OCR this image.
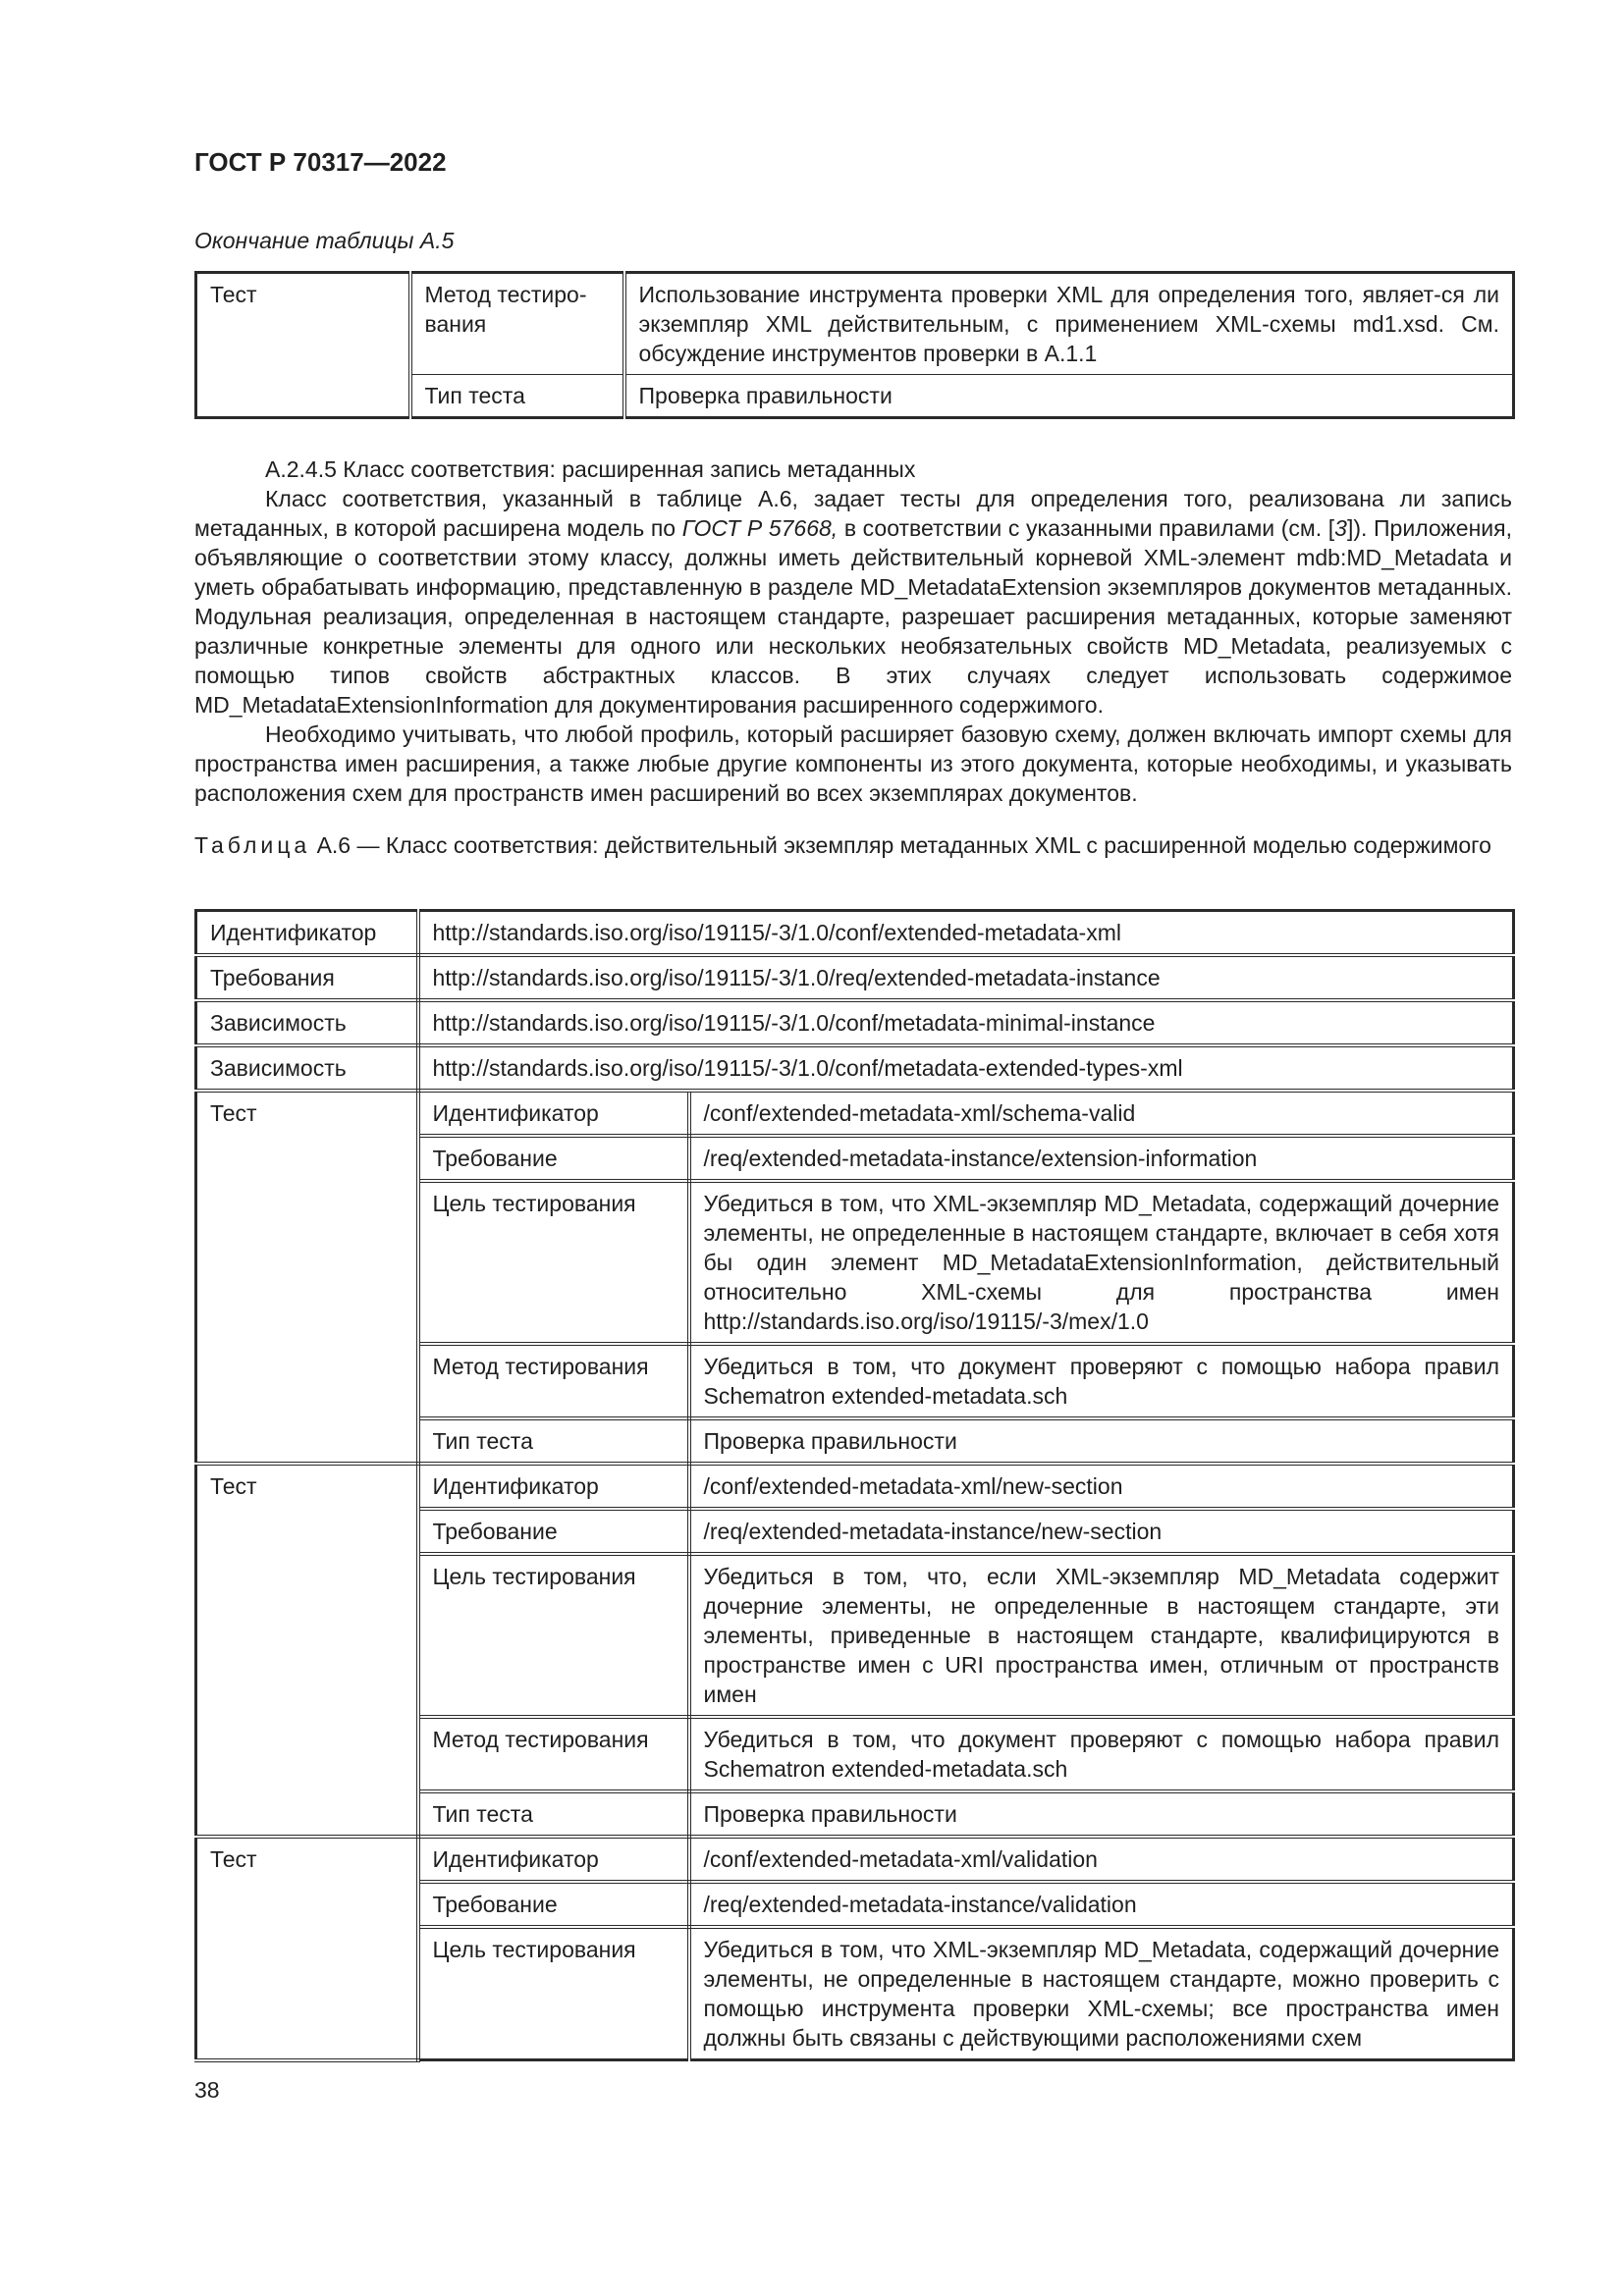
ГОСТ Р 70317—2022
Окончание таблицы А.5
Тест	Метод тестиро-вания	Использование инструмента проверки XML для определения того, являет-ся ли экземпляр XML действительным, с применением XML-схемы md1.xsd. См. обсуждение инструментов проверки в А.1.1
	Тип теста	Проверка правильности

А.2.4.5 Класс соответствия: расширенная запись метаданных

Класс соответствия, указанный в таблице А.6, задает тесты для определения того, реализована ли запись метаданных, в которой расширена модель по ГОСТ Р 57668, в соответствии с указанными правилами (см. [3]). Приложения, объявляющие о соответствии этому классу, должны иметь действительный корневой XML-элемент mdb:MD_Metadata и уметь обрабатывать информацию, представленную в разделе MD_MetadataExtension экземпляров документов метаданных. Модульная реализация, определенная в настоящем стандарте, разрешает расширения метаданных, которые заменяют различные конкретные элементы для одного или нескольких необязательных свойств MD_Metadata, реализуемых с помощью типов свойств абстрактных классов. В этих случаях следует использовать содержимое MD_MetadataExtensionInformation для документирования расширенного содержимого.

Необходимо учитывать, что любой профиль, который расширяет базовую схему, должен включать импорт схемы для пространства имен расширения, а также любые другие компоненты из этого документа, которые необходимы, и указывать расположения схем для пространств имен расширений во всех экземплярах документов.

Таблица А.6 — Класс соответствия: действительный экземпляр метаданных XML с расширенной моделью содержимого
Идентификатор	http://standards.iso.org/iso/19115/-3/1.0/conf/extended-metadata-xml	
Требования	http://standards.iso.org/iso/19115/-3/1.0/req/extended-metadata-instance	
Зависимость	http://standards.iso.org/iso/19115/-3/1.0/conf/metadata-minimal-instance	
Зависимость	http://standards.iso.org/iso/19115/-3/1.0/conf/metadata-extended-types-xml	
Тест	Идентификатор	/conf/extended-metadata-xml/schema-valid
	Требование	/req/extended-metadata-instance/extension-information
	Цель тестирования	Убедиться в том, что XML-экземпляр MD_Metadata, содержащий дочерние элементы, не определенные в настоящем стандарте, включает в себя хотя бы один элемент MD_MetadataExtensionInformation, действительный относительно XML-схемы для пространства имен http://standards.iso.org/iso/19115/-3/mex/1.0
	Метод тестирования	Убедиться в том, что документ проверяют с помощью набора правил Schematron extended-metadata.sch
	Тип теста	Проверка правильности
Тест	Идентификатор	/conf/extended-metadata-xml/new-section
	Требование	/req/extended-metadata-instance/new-section
	Цель тестирования	Убедиться в том, что, если XML-экземпляр MD_Metadata содержит дочерние элементы, не определенные в настоящем стандарте, эти элементы, приведенные в настоящем стандарте, квалифицируются в пространстве имен с URI пространства имен, отличным от пространств имен
	Метод тестирования	Убедиться в том, что документ проверяют с помощью набора правил Schematron extended-metadata.sch
	Тип теста	Проверка правильности
Тест	Идентификатор	/conf/extended-metadata-xml/validation
	Требование	/req/extended-metadata-instance/validation
	Цель тестирования	Убедиться в том, что XML-экземпляр MD_Metadata, содержащий дочерние элементы, не определенные в настоящем стандарте, можно проверить с помощью инструмента проверки XML-схемы; все пространства имен должны быть связаны с действующими расположениями схем
38
